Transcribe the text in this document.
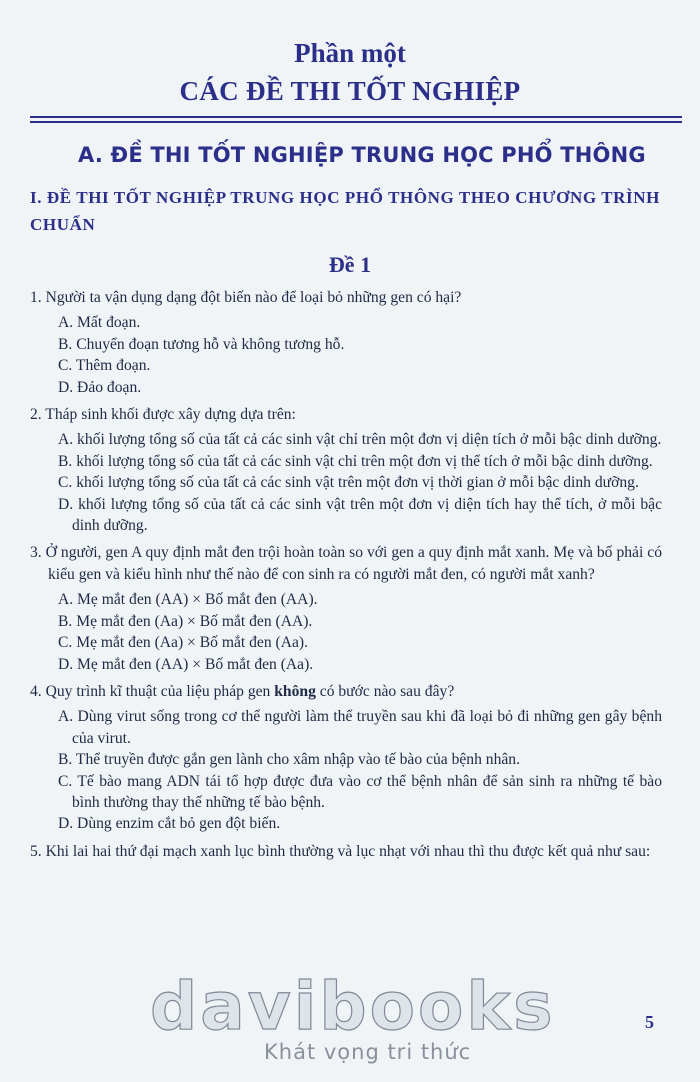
Phần một
CÁC ĐỀ THI TỐT NGHIỆP
A. ĐỀ THI TỐT NGHIỆP TRUNG HỌC PHỔ THÔNG
I. ĐỀ THI TỐT NGHIỆP TRUNG HỌC PHỔ THÔNG THEO CHƯƠNG TRÌNH CHUẨN
Đề 1

1. Người ta vận dụng dạng đột biến nào để loại bỏ những gen có hại?

A. Mất đoạn.

B. Chuyển đoạn tương hỗ và không tương hỗ.

C. Thêm đoạn.

D. Đảo đoạn.

2. Tháp sinh khối được xây dựng dựa trên:

A. khối lượng tổng số của tất cả các sinh vật chỉ trên một đơn vị diện tích ở mỗi bậc dinh dưỡng.

B. khối lượng tổng số của tất cả các sinh vật chỉ trên một đơn vị thể tích ở mỗi bậc dinh dưỡng.

C. khối lượng tổng số của tất cả các sinh vật trên một đơn vị thời gian ở mỗi bậc dinh dưỡng.

D. khối lượng tổng số của tất cả các sinh vật trên một đơn vị diện tích hay thể tích, ở mỗi bậc dinh dưỡng.

3. Ở người, gen A quy định mắt đen trội hoàn toàn so với gen a quy định mắt xanh. Mẹ và bố phải có kiểu gen và kiểu hình như thế nào để con sinh ra có người mắt đen, có người mắt xanh?

A. Mẹ mắt đen (AA) × Bố mắt đen (AA).

B. Mẹ mắt đen (Aa) × Bố mắt đen (AA).

C. Mẹ mắt đen (Aa) × Bố mắt đen (Aa).

D. Mẹ mắt đen (AA) × Bố mắt đen (Aa).

4. Quy trình kĩ thuật của liệu pháp gen không có bước nào sau đây?

A. Dùng virut sống trong cơ thể người làm thể truyền sau khi đã loại bỏ đi những gen gây bệnh của virut.

B. Thể truyền được gắn gen lành cho xâm nhập vào tế bào của bệnh nhân.

C. Tế bào mang ADN tái tổ hợp được đưa vào cơ thể bệnh nhân để sản sinh ra những tế bào bình thường thay thế những tế bào bệnh.

D. Dùng enzim cắt bỏ gen đột biến.

5. Khi lai hai thứ đại mạch xanh lục bình thường và lục nhạt với nhau thì thu được kết quả như sau:

davibooks
Khát vọng tri thức
5
